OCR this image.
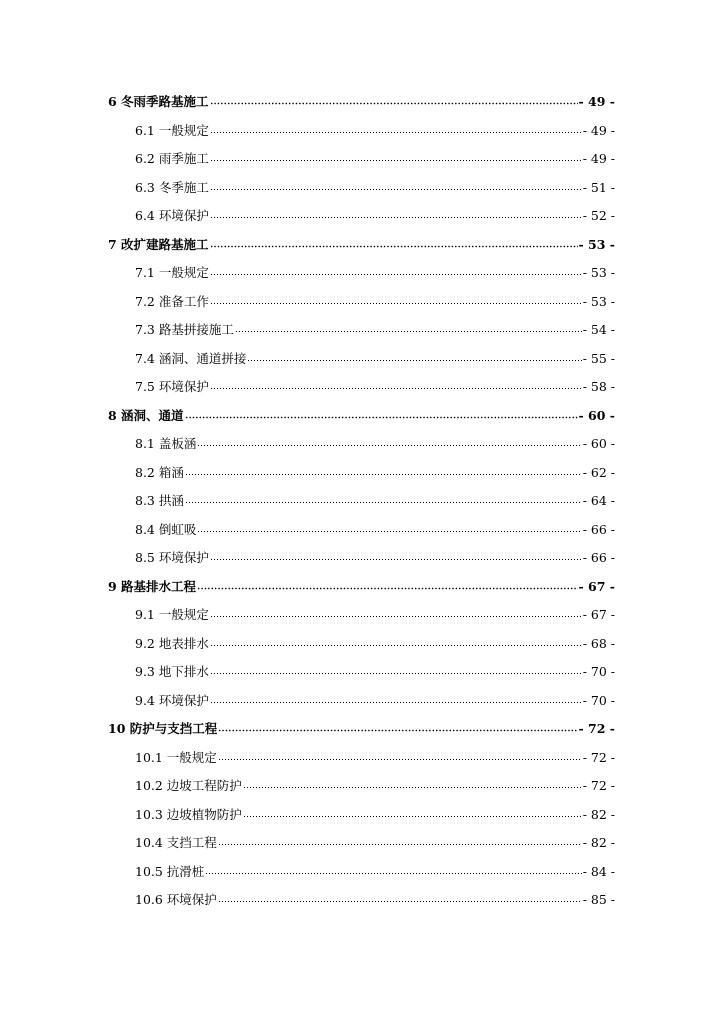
6 冬雨季路基施工	- 49 -
6.1 一般规定	- 49 -
6.2 雨季施工	- 49 -
6.3 冬季施工	- 51 -
6.4 环境保护	- 52 -
7 改扩建路基施工	- 53 -
7.1 一般规定	- 53 -
7.2 准备工作	- 53 -
7.3 路基拼接施工	- 54 -
7.4 涵洞、通道拼接	- 55 -
7.5 环境保护	- 58 -
8 涵洞、通道	- 60 -
8.1 盖板涵	- 60 -
8.2 箱涵	- 62 -
8.3 拱涵	- 64 -
8.4 倒虹吸	- 66 -
8.5 环境保护	- 66 -
9 路基排水工程	- 67 -
9.1 一般规定	- 67 -
9.2 地表排水	- 68 -
9.3 地下排水	- 70 -
9.4 环境保护	- 70 -
10 防护与支挡工程	- 72 -
10.1 一般规定	- 72 -
10.2 边坡工程防护	- 72 -
10.3 边坡植物防护	- 82 -
10.4 支挡工程	- 82 -
10.5 抗滑桩	- 84 -
10.6 环境保护	- 85 -
